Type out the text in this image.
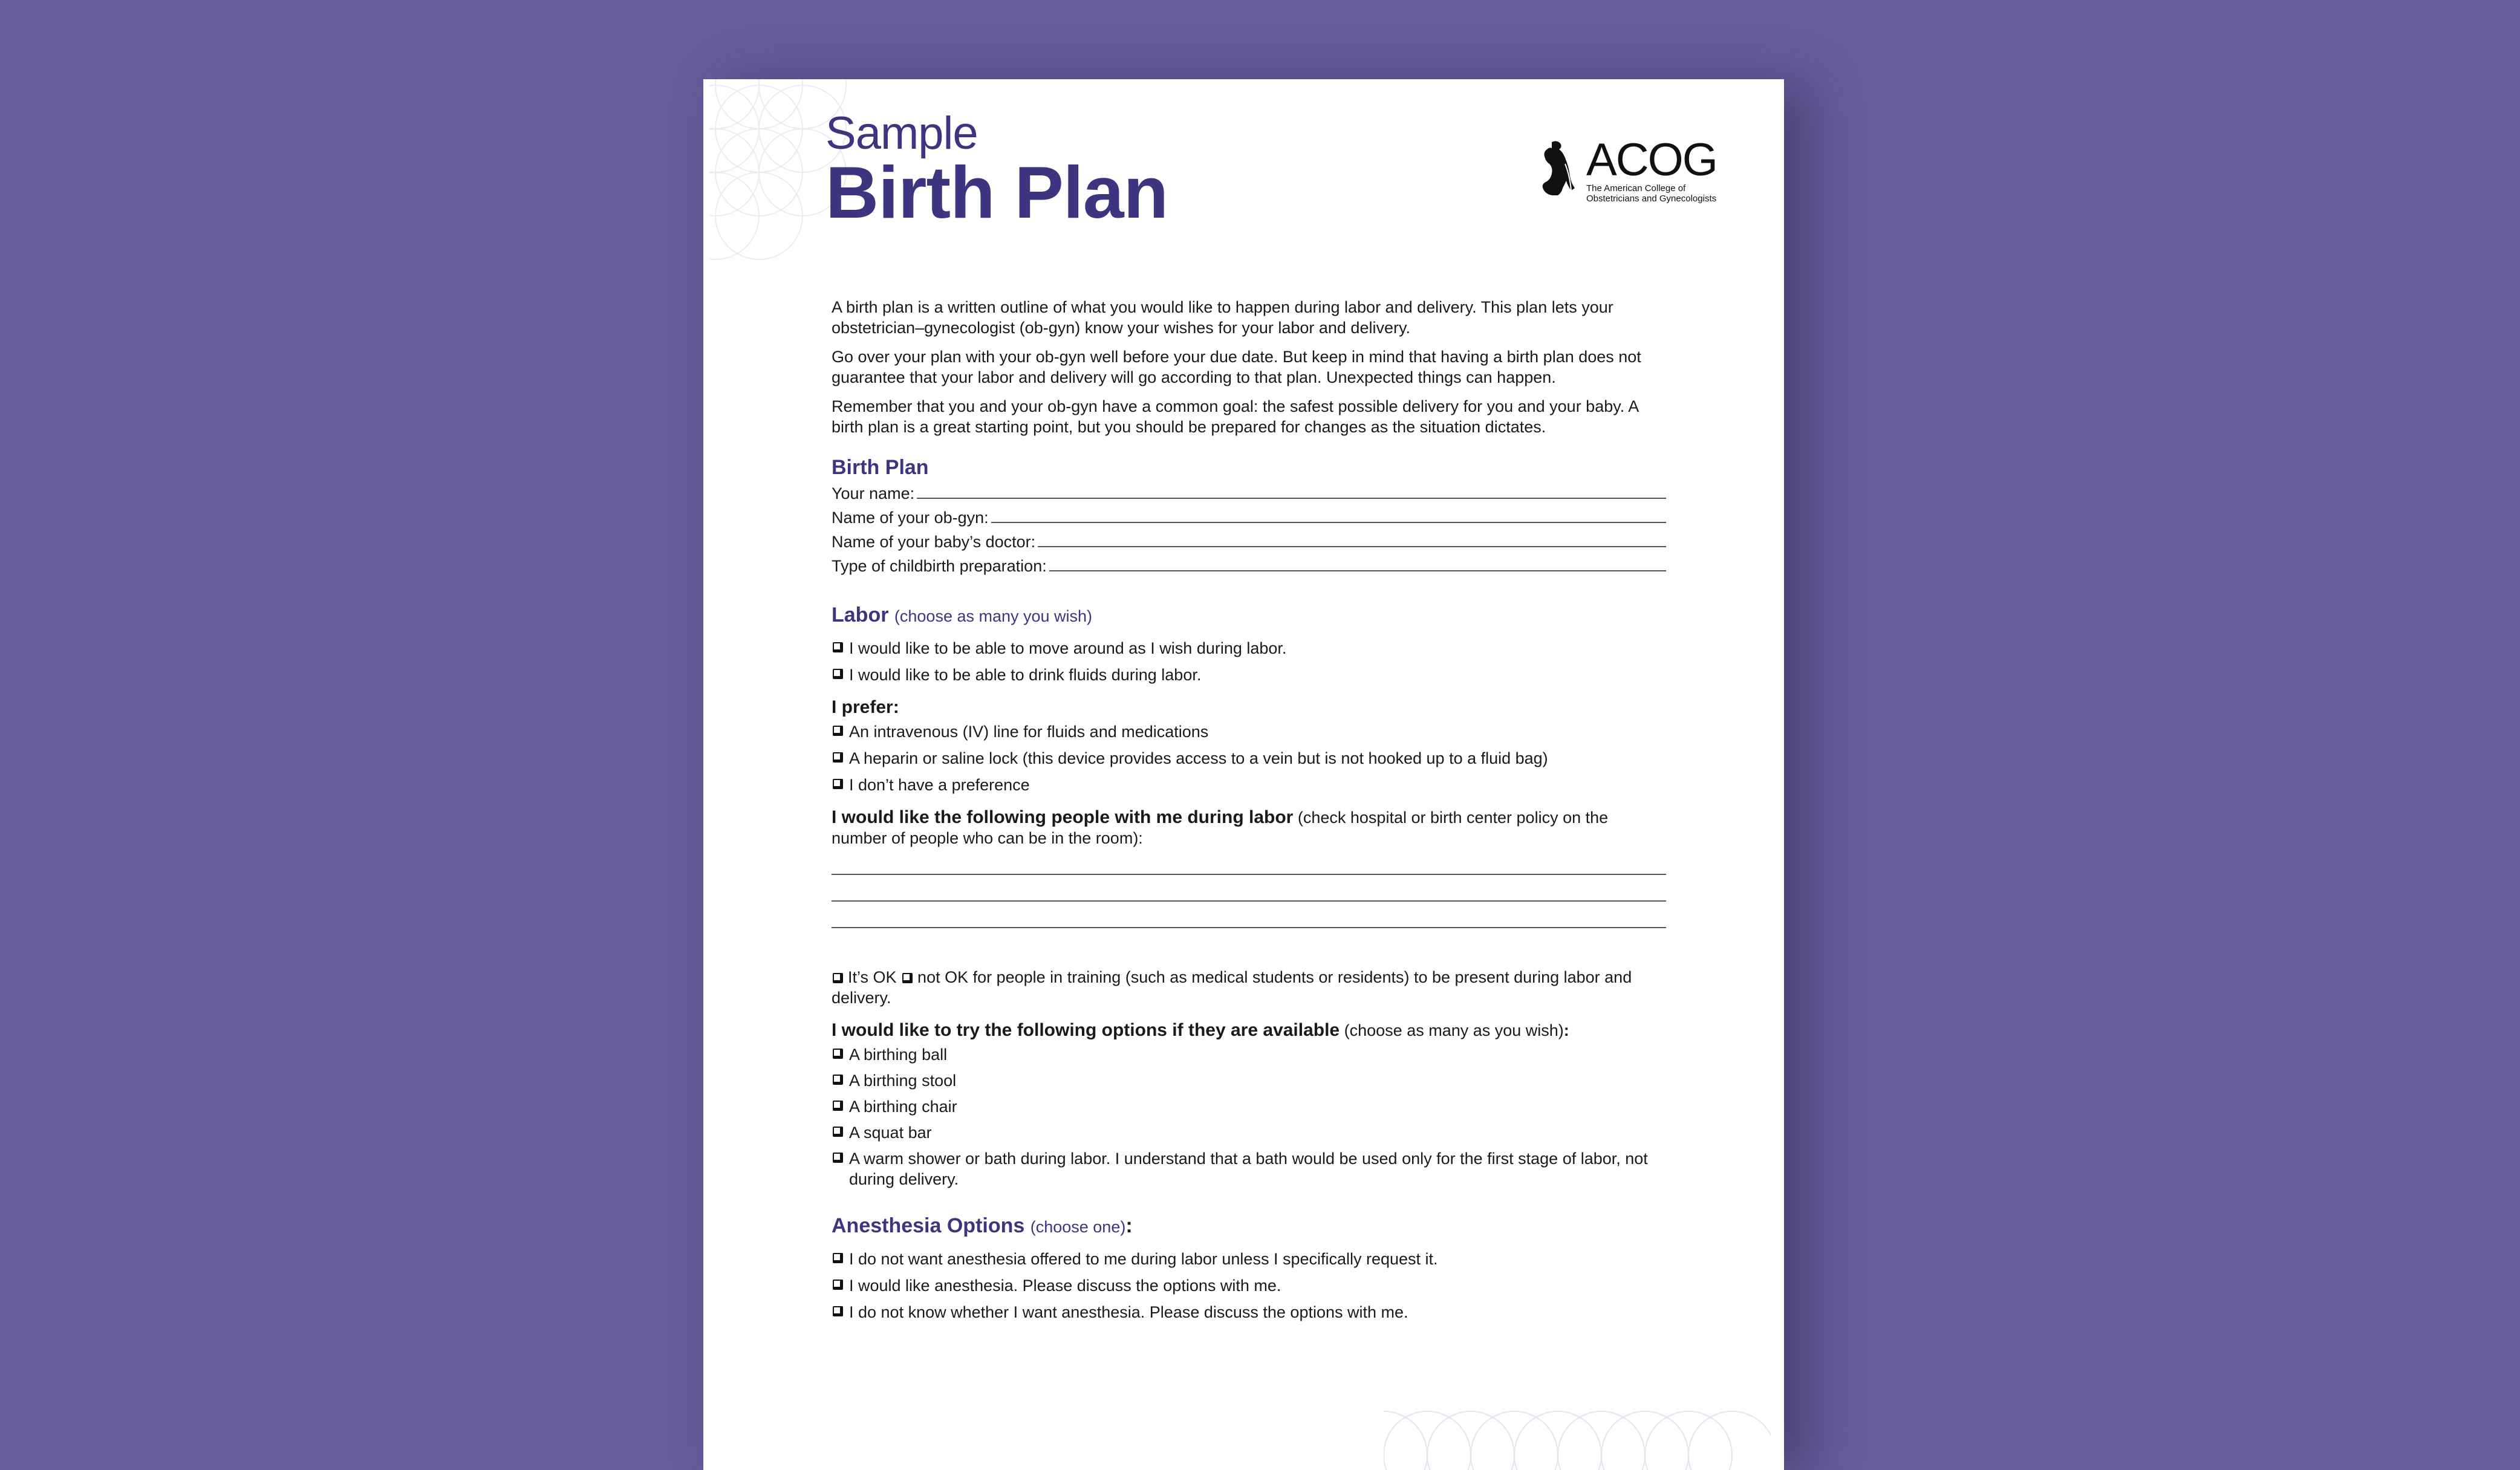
Sample
Birth Plan	ACOG
The American College of
Obstetricians and Gynecologists

A birth plan is a written outline of what you would like to happen during labor and delivery. This plan lets your obstetrician–gynecologist (ob-gyn) know your wishes for your labor and delivery.

Go over your plan with your ob-gyn well before your due date. But keep in mind that having a birth plan does not guarantee that your labor and delivery will go according to that plan. Unexpected things can happen.

Remember that you and your ob-gyn have a common goal: the safest possible delivery for you and your baby. A birth plan is a great starting point, but you should be prepared for changes as the situation dictates.

Birth Plan
Your name:
Name of your ob-gyn:
Name of your baby’s doctor:
Type of childbirth preparation:
Labor (choose as many you wish)
I would like to be able to move around as I wish during labor.
I would like to be able to drink fluids during labor.

I prefer:

An intravenous (IV) line for fluids and medications
A heparin or saline lock (this device provides access to a vein but is not hooked up to a fluid bag)
I don’t have a preference

I would like the following people with me during labor (check hospital or birth center policy on the number of people who can be in the room):

It’s OK not OK for people in training (such as medical students or residents) to be present during labor and delivery.

I would like to try the following options if they are available (choose as many as you wish):

A birthing ball
A birthing stool
A birthing chair
A squat bar
A warm shower or bath during labor. I understand that a bath would be used only for the first stage of labor, not during delivery.
Anesthesia Options (choose one):
I do not want anesthesia offered to me during labor unless I specifically request it.
I would like anesthesia. Please discuss the options with me.
I do not know whether I want anesthesia. Please discuss the options with me.
